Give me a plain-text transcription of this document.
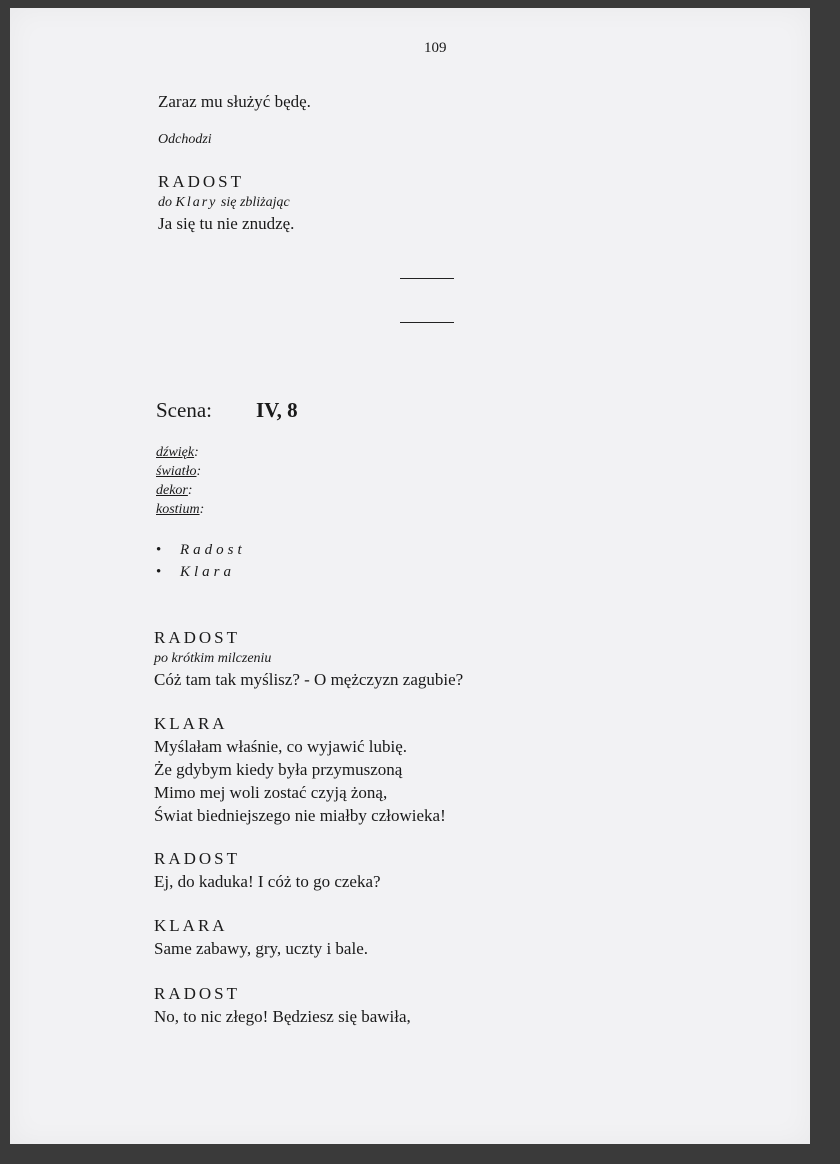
109
Zaraz mu służyć będę.
Odchodzi
RADOST
do Klary się zbliżając
Ja się tu nie znudzę.
Scena: IV, 8
dźwięk:
światło:
dekor:
kostium:
• Radost
• Klara
RADOST
po krótkim milczeniu
Cóż tam tak myślisz? - O mężczyzn zagubie?
KLARA
Myślałam właśnie, co wyjawić lubię.
Że gdybym kiedy była przymuszoną
Mimo mej woli zostać czyją żoną,
Świat biedniejszego nie miałby człowieka!
RADOST
Ej, do kaduka! I cóż to go czeka?
KLARA
Same zabawy, gry, uczty i bale.
RADOST
No, to nic złego! Będziesz się bawiła,
